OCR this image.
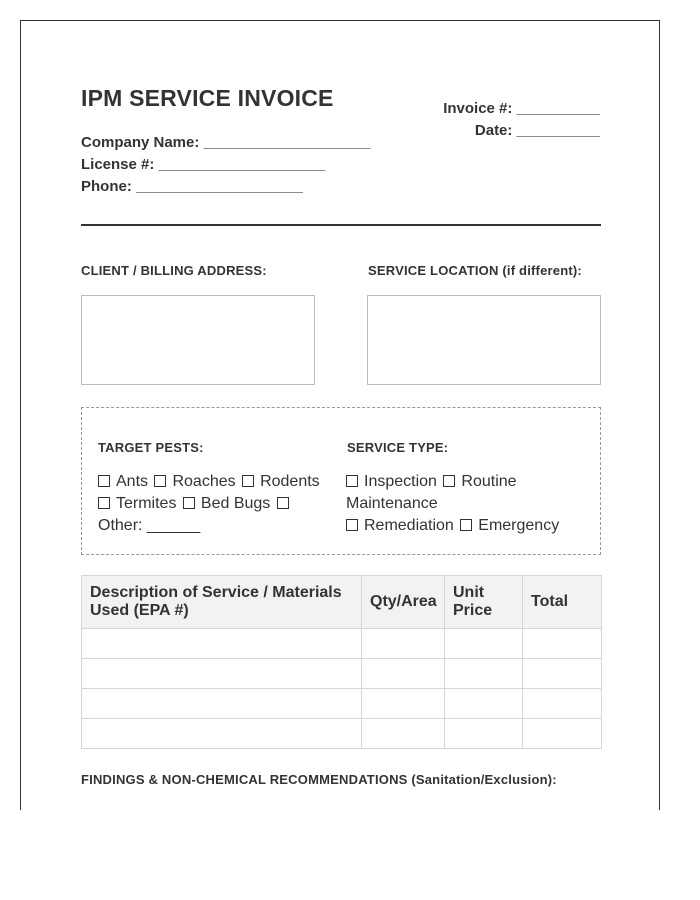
IPM SERVICE INVOICE
Company Name: ____________________
License #: ____________________
Phone: ____________________
Invoice #: __________
Date: __________
CLIENT / BILLING ADDRESS:	SERVICE LOCATION (if different):
TARGET PESTS:	SERVICE TYPE:
Ants Roaches Rodents
Termites Bed Bugs
Other: ______
Inspection Routine Maintenance
Remediation Emergency
Description of Service / Materials Used (EPA #)	Qty/Area	Unit Price	Total

FINDINGS & NON-CHEMICAL RECOMMENDATIONS (Sanitation/Exclusion):
